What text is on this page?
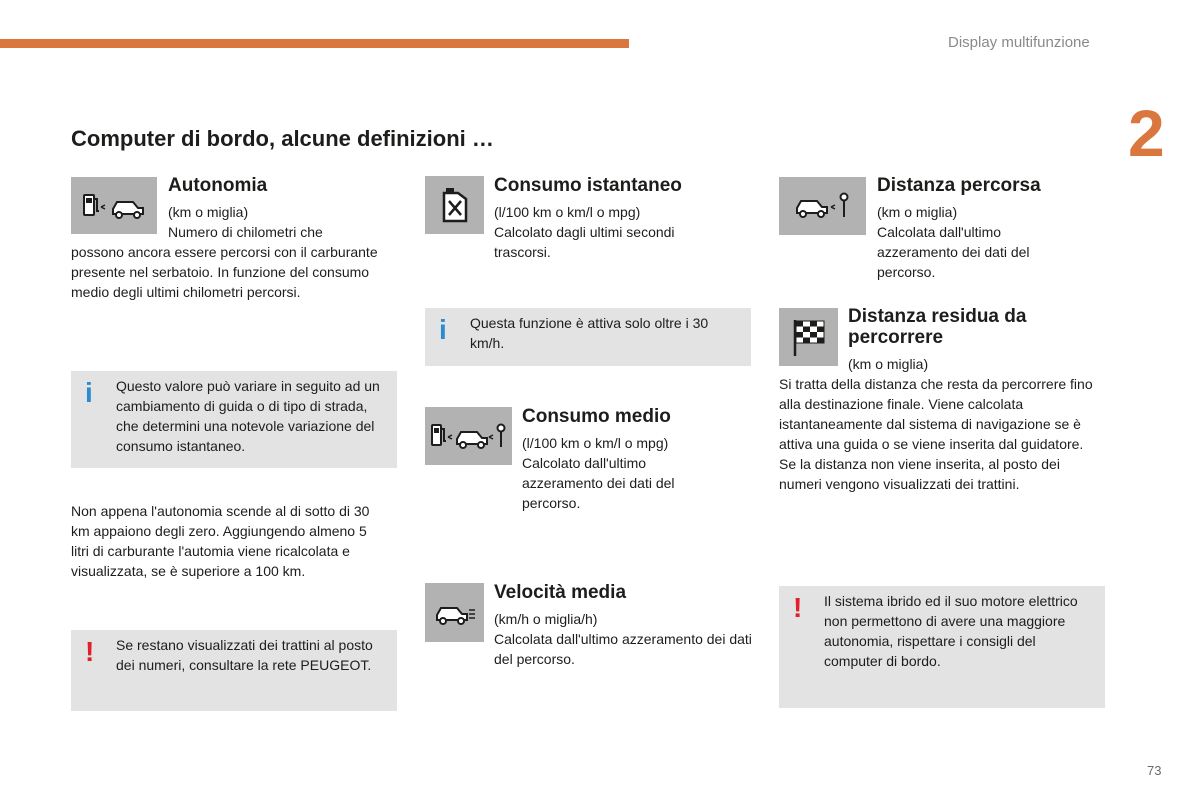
Display multifunzione
2
Computer di bordo, alcune definizioni …
Autonomia

(km o miglia)

Numero di chilometri che

possono ancora essere percorsi con il carburante presente nel serbatoio. In funzione del consumo medio degli ultimi chilometri percorsi.
i Questo valore può variare in seguito ad un cambiamento di guida o di tipo di strada, che determini una notevole variazione del consumo istantaneo.
Non appena l'autonomia scende al di sotto di 30 km appaiono degli zero. Aggiungendo almeno 5 litri di carburante l'automia viene ricalcolata e visualizzata, se è superiore a 100 km.
! Se restano visualizzati dei trattini al posto dei numeri, consultare la rete PEUGEOT.
Consumo istantaneo

(l/100 km o km/l o mpg)

Calcolato dagli ultimi secondi trascorsi.

i Questa funzione è attiva solo oltre i 30 km/h.
Consumo medio

(l/100 km o km/l o mpg)

Calcolato dall'ultimo azzeramento dei dati del percorso.

Velocità media

(km/h o miglia/h)

Calcolata dall'ultimo azzeramento dei dati del percorso.

Distanza percorsa

(km o miglia)

Calcolata dall'ultimo azzeramento dei dati del percorso.

Distanza residua da percorrere
(km o miglia)

Si tratta della distanza che resta da percorrere fino alla destinazione finale. Viene calcolata istantaneamente dal sistema di navigazione se è attiva una guida o se viene inserita dal guidatore.

Se la distanza non viene inserita, al posto dei numeri vengono visualizzati dei trattini.

! Il sistema ibrido ed il suo motore elettrico non permettono di avere una maggiore autonomia, rispettare i consigli del computer di bordo.
73
